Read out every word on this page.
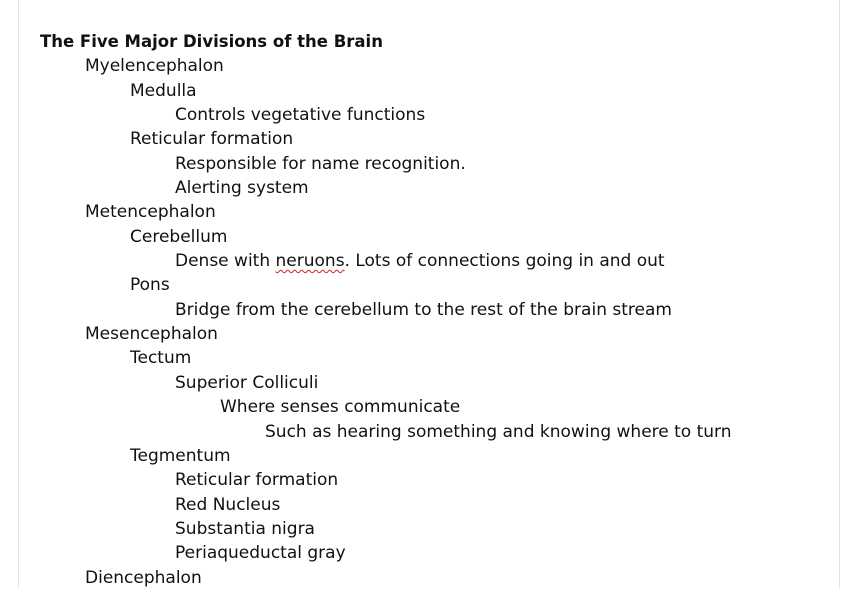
The Five Major Divisions of the Brain
Myelencephalon
Medulla
Controls vegetative functions
Reticular formation
Responsible for name recognition.
Alerting system
Metencephalon
Cerebellum
Dense with neruons. Lots of connections going in and out
Pons
Bridge from the cerebellum to the rest of the brain stream
Mesencephalon
Tectum
Superior Colliculi
Where senses communicate
Such as hearing something and knowing where to turn
Tegmentum
Reticular formation
Red Nucleus
Substantia nigra
Periaqueductal gray
Diencephalon
